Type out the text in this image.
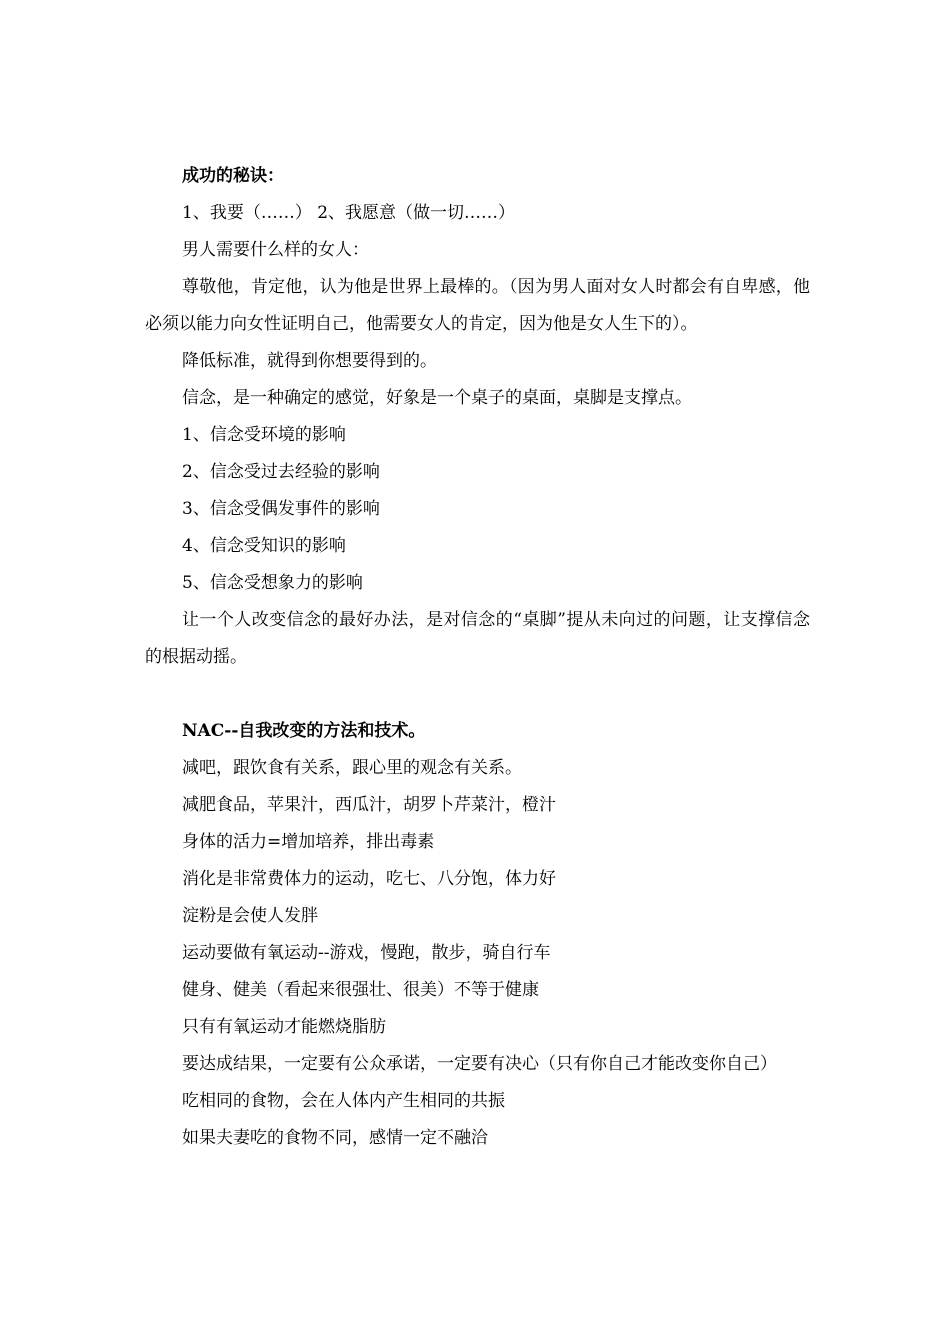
成功的秘诀：
1、我要（……） 2、我愿意（做一切……）
男人需要什么样的女人：
尊敬他，肯定他，认为他是世界上最棒的。（因为男人面对女人时都会有自卑感，他必须以能力向女性证明自己，他需要女人的肯定，因为他是女人生下的）。
降低标准，就得到你想要得到的。
信念，是一种确定的感觉，好象是一个桌子的桌面，桌脚是支撑点。
1、信念受环境的影响
2、信念受过去经验的影响
3、信念受偶发事件的影响
4、信念受知识的影响
5、信念受想象力的影响
让一个人改变信念的最好办法，是对信念的“桌脚”提从未向过的问题，让支撑信念的根据动摇。
NAC--自我改变的方法和技术。
减吧，跟饮食有关系，跟心里的观念有关系。
减肥食品，苹果汁，西瓜汁，胡罗卜芹菜汁，橙汁
身体的活力=增加培养，排出毒素
消化是非常费体力的运动，吃七、八分饱，体力好
淀粉是会使人发胖
运动要做有氧运动--游戏，慢跑，散步，骑自行车
健身、健美（看起来很强壮、很美）不等于健康
只有有氧运动才能燃烧脂肪
要达成结果，一定要有公众承诺，一定要有决心（只有你自己才能改变你自己）
吃相同的食物，会在人体内产生相同的共振
如果夫妻吃的食物不同，感情一定不融洽
